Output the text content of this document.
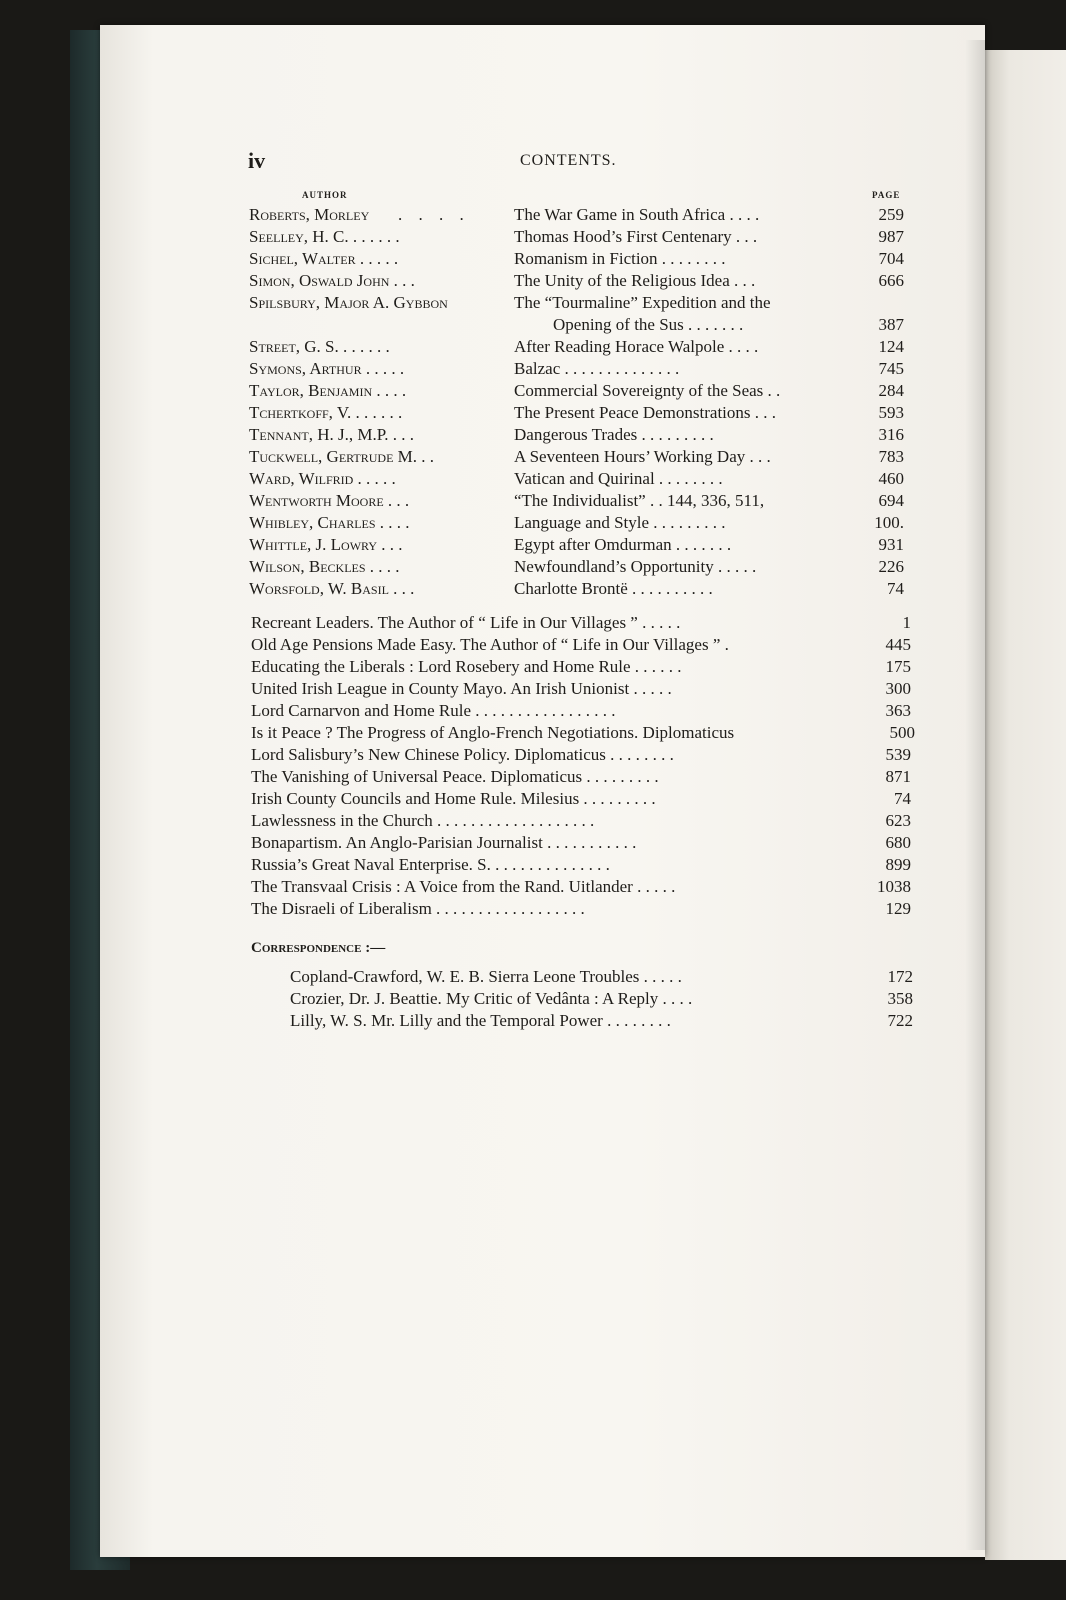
iv	CONTENTS.
AUTHOR	PAGE
Roberts, Morley . . . .	The War Game in South Africa . . . .	259
Seelley, H. C. . . . . . .	Thomas Hood’s First Centenary . . .	987
Sichel, Walter . . . . .	Romanism in Fiction . . . . . . . .	704
Simon, Oswald John . . .	The Unity of the Religious Idea . . .	666
Spilsbury, Major A. Gybbon	The “Tourmaline” Expedition and the
Opening of the Sus . . . . . . .	387
Street, G. S. . . . . . .	After Reading Horace Walpole . . . .	124
Symons, Arthur . . . . .	Balzac . . . . . . . . . . . . . .	745
Taylor, Benjamin . . . .	Commercial Sovereignty of the Seas . .	284
Tchertkoff, V. . . . . . .	The Present Peace Demonstrations . . .	593
Tennant, H. J., M.P. . . .	Dangerous Trades . . . . . . . . .	316
Tuckwell, Gertrude M. . .	A Seventeen Hours’ Working Day . . .	783
Ward, Wilfrid . . . . .	Vatican and Quirinal . . . . . . . .	460
Wentworth Moore . . .	“The Individualist” . . 144, 336, 511,	694
Whibley, Charles . . . .	Language and Style . . . . . . . . .	100.
Whittle, J. Lowry . . .	Egypt after Omdurman . . . . . . .	931
Wilson, Beckles . . . .	Newfoundland’s Opportunity . . . . .	226
Worsfold, W. Basil . . .	Charlotte Brontë . . . . . . . . . .	74
Recreant Leaders. The Author of “ Life in Our Villages ” . . . . .	1
Old Age Pensions Made Easy. The Author of “ Life in Our Villages ” .	445
Educating the Liberals : Lord Rosebery and Home Rule . . . . . .	175
United Irish League in County Mayo. An Irish Unionist . . . . .	300
Lord Carnarvon and Home Rule . . . . . . . . . . . . . . . . .	363
Is it Peace ? The Progress of Anglo-French Negotiations. Diplomaticus	500
Lord Salisbury’s New Chinese Policy. Diplomaticus . . . . . . . .	539
The Vanishing of Universal Peace. Diplomaticus . . . . . . . . .	871
Irish County Councils and Home Rule. Milesius . . . . . . . . .	74
Lawlessness in the Church . . . . . . . . . . . . . . . . . . .	623
Bonapartism. An Anglo-Parisian Journalist . . . . . . . . . . .	680
Russia’s Great Naval Enterprise. S. . . . . . . . . . . . . . .	899
The Transvaal Crisis : A Voice from the Rand. Uitlander . . . . .	1038
The Disraeli of Liberalism . . . . . . . . . . . . . . . . . .	129
Correspondence :—
Copland-Crawford, W. E. B. Sierra Leone Troubles . . . . .	172
Crozier, Dr. J. Beattie. My Critic of Vedânta : A Reply . . . .	358
Lilly, W. S. Mr. Lilly and the Temporal Power . . . . . . . .	722
